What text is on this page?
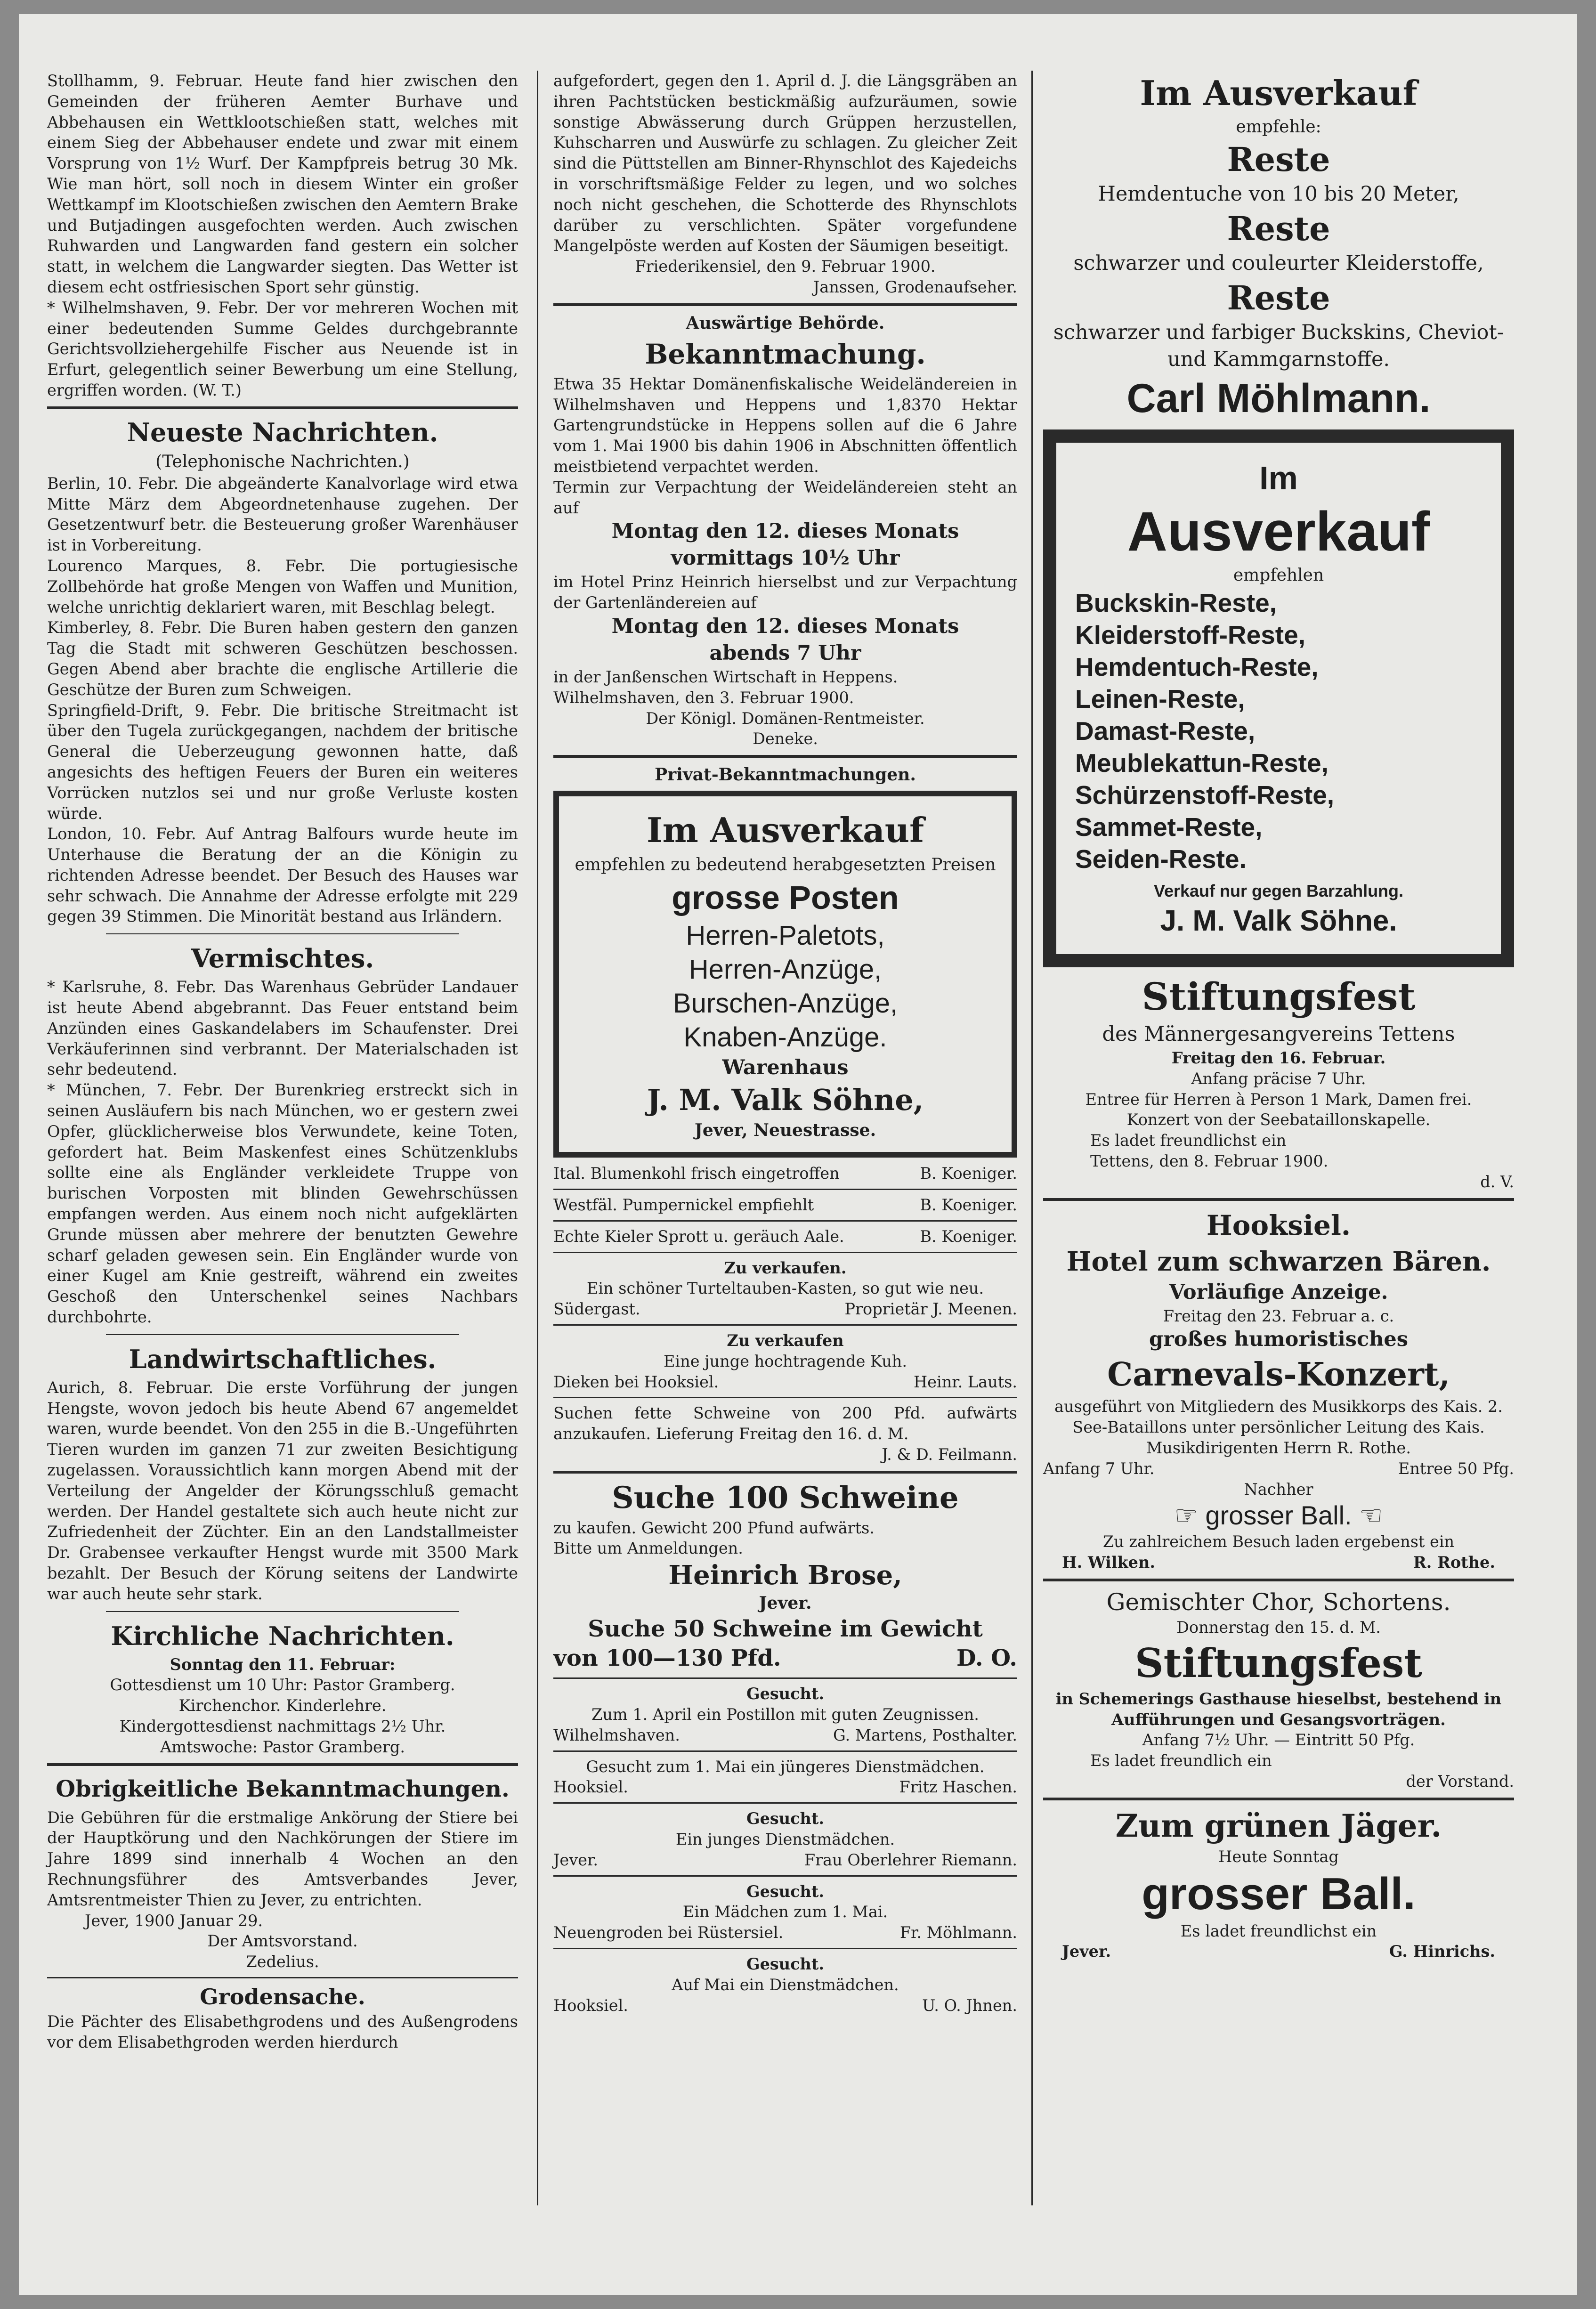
Stollhamm, 9. Februar. Heute fand hier zwischen den Gemeinden der früheren Aemter Burhave und Abbehausen ein Wettklootschießen statt, welches mit einem Sieg der Abbehauser endete und zwar mit einem Vorsprung von 1½ Wurf. Der Kampfpreis betrug 30 Mk. Wie man hört, soll noch in diesem Winter ein großer Wettkampf im Klootschießen zwischen den Aemtern Brake und Butjadingen ausgefochten werden. Auch zwischen Ruhwarden und Langwarden fand gestern ein solcher statt, in welchem die Langwarder siegten. Das Wetter ist diesem echt ostfriesischen Sport sehr günstig.

* Wilhelmshaven, 9. Febr. Der vor mehreren Wochen mit einer bedeutenden Summe Geldes durchgebrannte Gerichtsvollziehergehilfe Fischer aus Neuende ist in Erfurt, gelegentlich seiner Bewerbung um eine Stellung, ergriffen worden. (W. T.)

Neueste Nachrichten.
(Telephonische Nachrichten.)

Berlin, 10. Febr. Die abgeänderte Kanalvorlage wird etwa Mitte März dem Abgeordnetenhause zugehen. Der Gesetzentwurf betr. die Besteuerung großer Warenhäuser ist in Vorbereitung.

Lourenco Marques, 8. Febr. Die portugiesische Zollbehörde hat große Mengen von Waffen und Munition, welche unrichtig deklariert waren, mit Beschlag belegt.

Kimberley, 8. Febr. Die Buren haben gestern den ganzen Tag die Stadt mit schweren Geschützen beschossen. Gegen Abend aber brachte die englische Artillerie die Geschütze der Buren zum Schweigen.

Springfield-Drift, 9. Febr. Die britische Streitmacht ist über den Tugela zurückgegangen, nachdem der britische General die Ueberzeugung gewonnen hatte, daß angesichts des heftigen Feuers der Buren ein weiteres Vorrücken nutzlos sei und nur große Verluste kosten würde.

London, 10. Febr. Auf Antrag Balfours wurde heute im Unterhause die Beratung der an die Königin zu richtenden Adresse beendet. Der Besuch des Hauses war sehr schwach. Die Annahme der Adresse erfolgte mit 229 gegen 39 Stimmen. Die Minorität bestand aus Irländern.

Vermischtes.

* Karlsruhe, 8. Febr. Das Warenhaus Gebrüder Landauer ist heute Abend abgebrannt. Das Feuer entstand beim Anzünden eines Gaskandelabers im Schaufenster. Drei Verkäuferinnen sind verbrannt. Der Materialschaden ist sehr bedeutend.

* München, 7. Febr. Der Burenkrieg erstreckt sich in seinen Ausläufern bis nach München, wo er gestern zwei Opfer, glücklicherweise blos Verwundete, keine Toten, gefordert hat. Beim Maskenfest eines Schützenklubs sollte eine als Engländer verkleidete Truppe von burischen Vorposten mit blinden Gewehrschüssen empfangen werden. Aus einem noch nicht aufgeklärten Grunde müssen aber mehrere der benutzten Gewehre scharf geladen gewesen sein. Ein Engländer wurde von einer Kugel am Knie gestreift, während ein zweites Geschoß den Unterschenkel seines Nachbars durchbohrte.

Landwirtschaftliches.

Aurich, 8. Februar. Die erste Vorführung der jungen Hengste, wovon jedoch bis heute Abend 67 angemeldet waren, wurde beendet. Von den 255 in die B.-Ungeführten Tieren wurden im ganzen 71 zur zweiten Besichtigung zugelassen. Voraussichtlich kann morgen Abend mit der Verteilung der Angelder der Körungsschluß gemacht werden. Der Handel gestaltete sich auch heute nicht zur Zufriedenheit der Züchter. Ein an den Landstallmeister Dr. Grabensee verkaufter Hengst wurde mit 3500 Mark bezahlt. Der Besuch der Körung seitens der Landwirte war auch heute sehr stark.

Kirchliche Nachrichten.

Sonntag den 11. Februar:

Gottesdienst um 10 Uhr: Pastor Gramberg.

Kirchenchor. Kinderlehre.

Kindergottesdienst nachmittags 2½ Uhr.

Amtswoche: Pastor Gramberg.

Obrigkeitliche Bekanntmachungen.

Die Gebühren für die erstmalige Ankörung der Stiere bei der Hauptkörung und den Nachkörungen der Stiere im Jahre 1899 sind innerhalb 4 Wochen an den Rechnungsführer des Amtsverbandes Jever, Amtsrentmeister Thien zu Jever, zu entrichten.

Jever, 1900 Januar 29.

Der Amtsvorstand.

Zedelius.

Grodensache.

Die Pächter des Elisabethgrodens und des Außengrodens vor dem Elisabethgroden werden hierdurch

aufgefordert, gegen den 1. April d. J. die Längsgräben an ihren Pachtstücken bestickmäßig aufzuräumen, sowie sonstige Abwässerung durch Grüppen herzustellen, Kuhscharren und Auswürfe zu schlagen. Zu gleicher Zeit sind die Püttstellen am Binner-Rhynschlot des Kajedeichs in vorschriftsmäßige Felder zu legen, und wo solches noch nicht geschehen, die Schotterde des Rhynschlots darüber zu verschlichten. Später vorgefundene Mangelpöste werden auf Kosten der Säumigen beseitigt.

Friederikensiel, den 9. Februar 1900.

Janssen, Grodenaufseher.

Auswärtige Behörde.
Bekanntmachung.

Etwa 35 Hektar Domänenfiskalische Weideländereien in Wilhelmshaven und Heppens und 1,8370 Hektar Gartengrundstücke in Heppens sollen auf die 6 Jahre vom 1. Mai 1900 bis dahin 1906 in Abschnitten öffentlich meistbietend verpachtet werden.

Termin zur Verpachtung der Weideländereien steht an auf

Montag den 12. dieses Monats
vormittags 10½ Uhr

im Hotel Prinz Heinrich hierselbst und zur Verpachtung der Gartenländereien auf

Montag den 12. dieses Monats
abends 7 Uhr

in der Janßenschen Wirtschaft in Heppens.

Wilhelmshaven, den 3. Februar 1900.

Der Königl. Domänen-Rentmeister.

Deneke.

Privat-Bekanntmachungen.
Im Ausverkauf
empfehlen zu bedeutend herabgesetzten Preisen
grosse Posten
Herren-Paletots,
Herren-Anzüge,
Burschen-Anzüge,
Knaben-Anzüge.
Warenhaus
J. M. Valk Söhne,
Jever, Neuestrasse.

Ital. Blumenkohl frisch eingetroffen	B. Koeniger.

Westfäl. Pumpernickel empfiehlt	B. Koeniger.

Echte Kieler Sprott u. geräuch Aale.	B. Koeniger.

Zu verkaufen.

Ein schöner Turteltauben-Kasten, so gut wie neu.

Südergast.	Proprietär J. Meenen.

Zu verkaufen

Eine junge hochtragende Kuh.

Dieken bei Hooksiel.	Heinr. Lauts.

Suchen fette Schweine von 200 Pfd. aufwärts anzukaufen. Lieferung Freitag den 16. d. M.

J. & D. Feilmann.

Suche 100 Schweine

zu kaufen. Gewicht 200 Pfund aufwärts.

Bitte um Anmeldungen.

Heinrich Brose,
Jever.
Suche 50 Schweine im Gewicht
von 100—130 Pfd.	D. O.

Gesucht.

Zum 1. April ein Postillon mit guten Zeugnissen.

Wilhelmshaven.	G. Martens, Posthalter.

Gesucht zum 1. Mai ein jüngeres Dienstmädchen.

Hooksiel.	Fritz Haschen.

Gesucht.

Ein junges Dienstmädchen.

Jever.	Frau Oberlehrer Riemann.

Gesucht.

Ein Mädchen zum 1. Mai.

Neuengroden bei Rüstersiel.	Fr. Möhlmann.

Gesucht.

Auf Mai ein Dienstmädchen.

Hooksiel.	U. O. Jhnen.

Im Ausverkauf
empfehle:
Reste
Hemdentuche von 10 bis 20 Meter,
Reste
schwarzer und couleurter Kleiderstoffe,
Reste
schwarzer und farbiger Buckskins, Cheviot- und Kammgarnstoffe.
Carl Möhlmann.
Im
Ausverkauf
empfehlen
Buckskin-Reste,
Kleiderstoff-Reste,
Hemdentuch-Reste,
Leinen-Reste,
Damast-Reste,
Meublekattun-Reste,
Schürzenstoff-Reste,
Sammet-Reste,
Seiden-Reste.
Verkauf nur gegen Barzahlung.
J. M. Valk Söhne.
Stiftungsfest
des Männergesangvereins Tettens

Freitag den 16. Februar.

Anfang präcise 7 Uhr.

Entree für Herren à Person 1 Mark, Damen frei.

Konzert von der Seebataillonskapelle.

Es ladet freundlichst ein

Tettens, den 8. Februar 1900.

d. V.

Hooksiel.
Hotel zum schwarzen Bären.
Vorläufige Anzeige.

Freitag den 23. Februar a. c.

großes humoristisches
Carnevals-Konzert,

ausgeführt von Mitgliedern des Musikkorps des Kais. 2. See-Bataillons unter persönlicher Leitung des Kais. Musikdirigenten Herrn R. Rothe.

Anfang 7 Uhr.	Entree 50 Pfg.

Nachher

☞ grosser Ball. ☜

Zu zahlreichem Besuch laden ergebenst ein

H. Wilken.	R. Rothe.

Gemischter Chor, Schortens.

Donnerstag den 15. d. M.

Stiftungsfest

in Schemerings Gasthause hieselbst, bestehend in Aufführungen und Gesangsvorträgen.

Anfang 7½ Uhr. — Eintritt 50 Pfg.

Es ladet freundlich ein

der Vorstand.

Zum grünen Jäger.

Heute Sonntag

grosser Ball.

Es ladet freundlichst ein

Jever.	G. Hinrichs.
